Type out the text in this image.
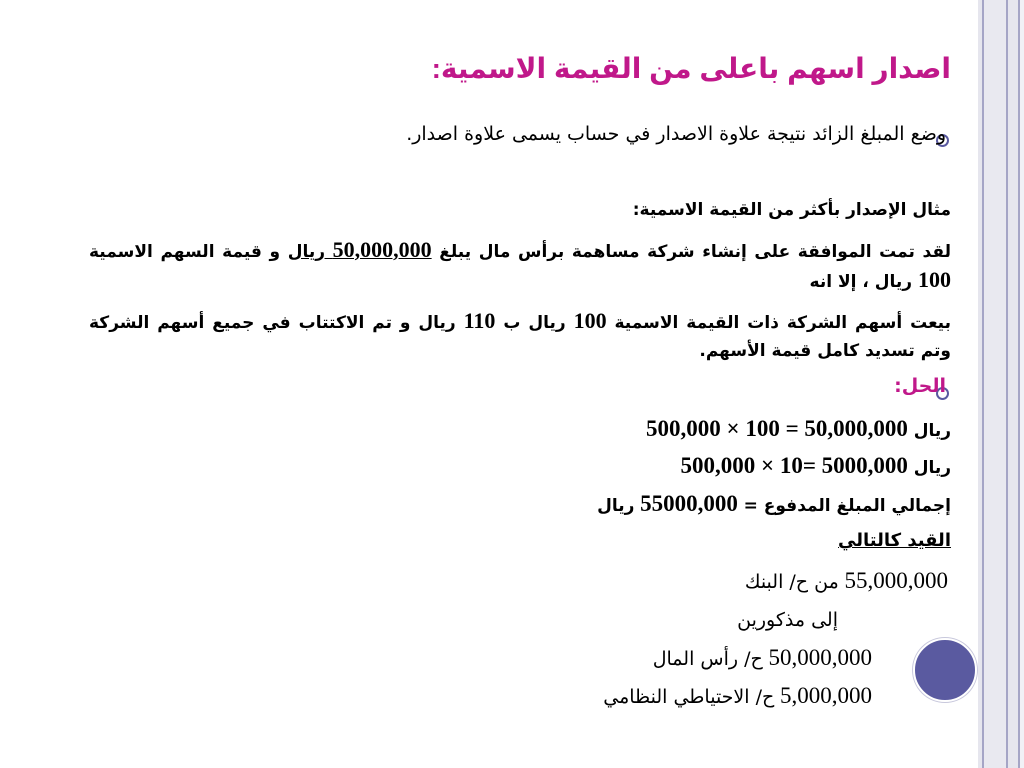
اصدار اسهم باعلى من القيمة الاسمية:
وضع المبلغ الزائد نتيجة علاوة الاصدار في حساب يسمى علاوة اصدار.
مثال الإصدار بأكثر من القيمة الاسمية:
لقد تمت الموافقة على إنشاء شركة مساهمة برأس مال يبلغ 50,000,000 ريال و قيمة السهم الاسمية 100 ريال ، إلا انه
بيعت أسهم الشركة ذات القيمة الاسمية 100 ريال ب 110 ريال و تم الاكتتاب في جميع أسهم الشركة وتم تسديد كامل قيمة الأسهم.
الحل:
ريال 500,000 × 100 = 50,000,000
ريال 500,000 × 10= 5000,000
إجمالي المبلغ المدفوع = 55000,000 ريال
القيد كالتالي
55,000,000 من ح/ البنك
إلى مذكورين
50,000,000 ح/ رأس المال
5,000,000 ح/ الاحتياطي النظامي
